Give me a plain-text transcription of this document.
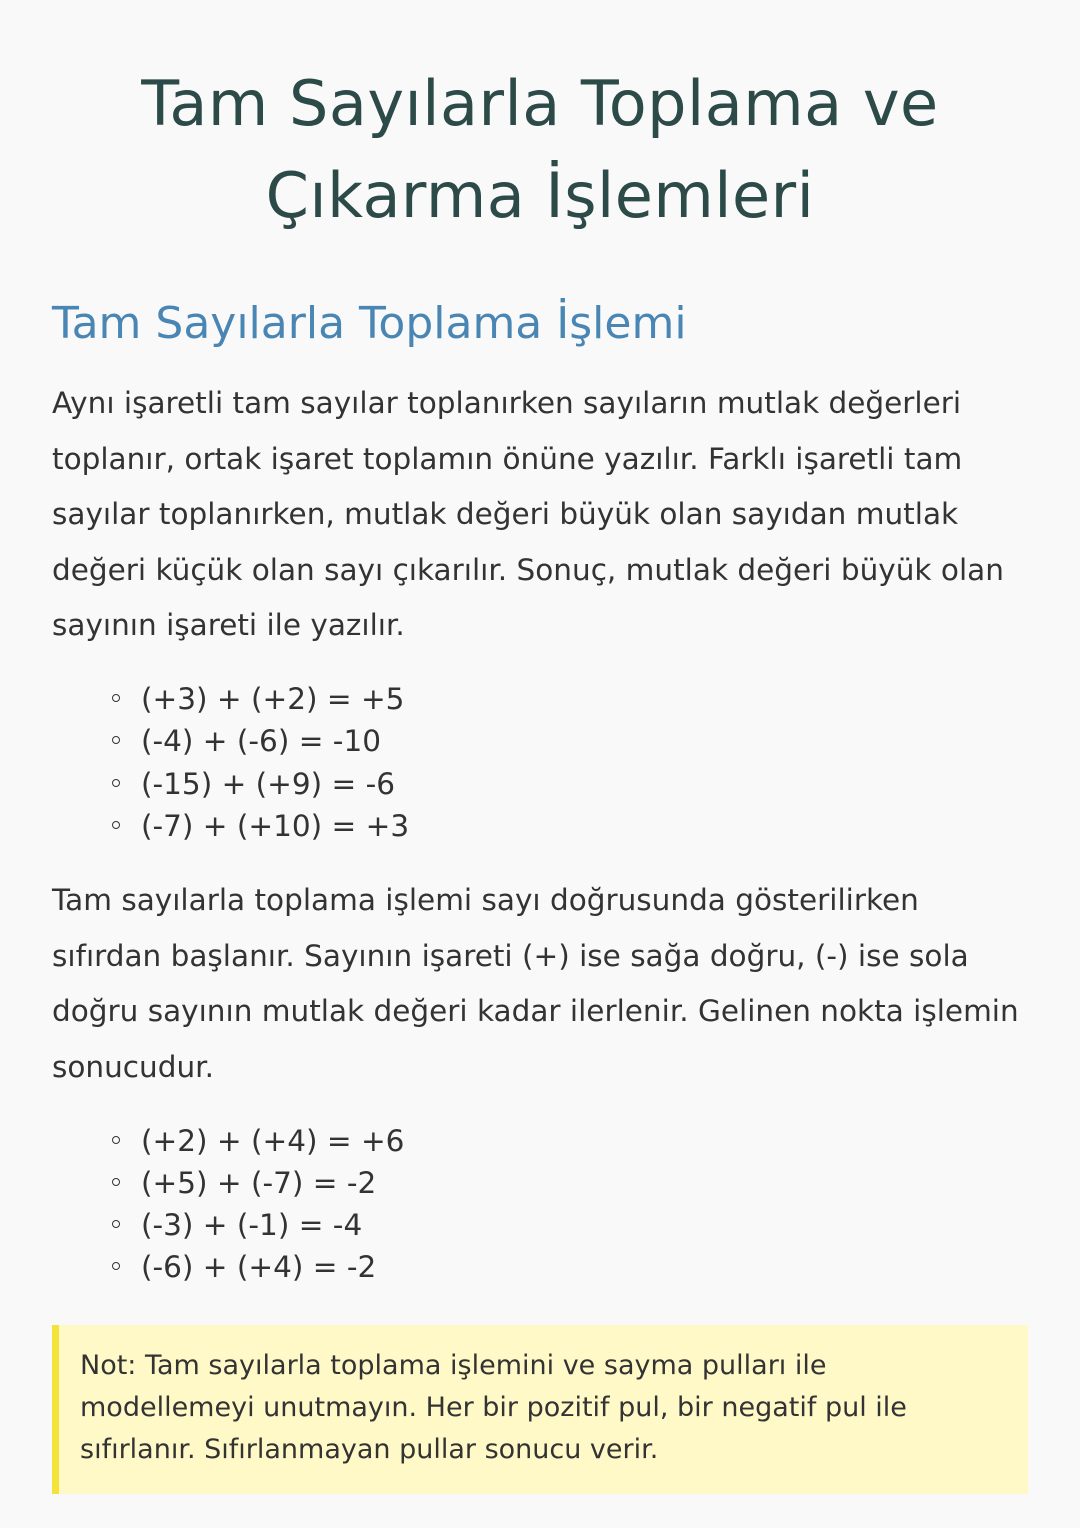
Tam Sayılarla Toplama ve
Çıkarma İşlemleri
Tam Sayılarla Toplama İşlemi

Aynı işaretli tam sayılar toplanırken sayıların mutlak değerleri toplanır, ortak işaret toplamın önüne yazılır. Farklı işaretli tam sayılar toplanırken, mutlak değeri büyük olan sayıdan mutlak değeri küçük olan sayı çıkarılır. Sonuç, mutlak değeri büyük olan sayının işareti ile yazılır.

(+3) + (+2) = +5
(-4) + (-6) = -10
(-15) + (+9) = -6
(-7) + (+10) = +3

Tam sayılarla toplama işlemi sayı doğrusunda gösterilirken sıfırdan başlanır. Sayının işareti (+) ise sağa doğru, (-) ise sola doğru sayının mutlak değeri kadar ilerlenir. Gelinen nokta işlemin sonucudur.

(+2) + (+4) = +6
(+5) + (-7) = -2
(-3) + (-1) = -4
(-6) + (+4) = -2
Not: Tam sayılarla toplama işlemini ve sayma pulları ile modellemeyi unutmayın. Her bir pozitif pul, bir negatif pul ile sıfırlanır. Sıfırlanmayan pullar sonucu verir.
